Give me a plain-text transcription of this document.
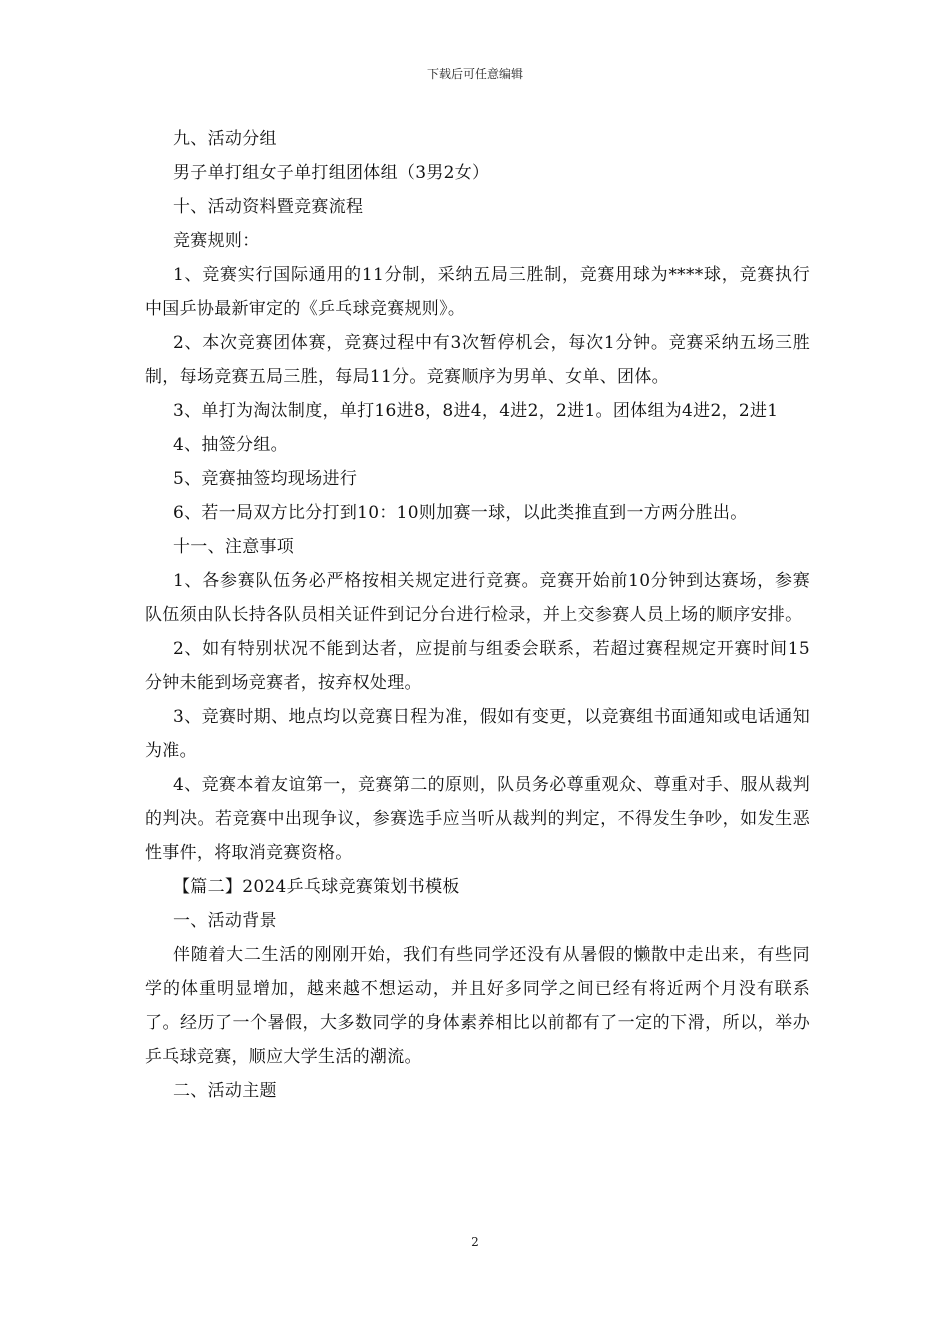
下载后可任意编辑

九、活动分组

男子单打组女子单打组团体组（3男2女）

十、活动资料暨竞赛流程

竞赛规则：

1、竞赛实行国际通用的11分制，采纳五局三胜制，竞赛用球为****球，竞赛执行中国乒协最新审定的《乒乓球竞赛规则》。

2、本次竞赛团体赛，竞赛过程中有3次暂停机会，每次1分钟。竞赛采纳五场三胜制，每场竞赛五局三胜，每局11分。竞赛顺序为男单、女单、团体。

3、单打为淘汰制度，单打16进8，8进4，4进2，2进1。团体组为4进2，2进1

4、抽签分组。

5、竞赛抽签均现场进行

6、若一局双方比分打到10：10则加赛一球，以此类推直到一方两分胜出。

十一、注意事项

1、各参赛队伍务必严格按相关规定进行竞赛。竞赛开始前10分钟到达赛场，参赛队伍须由队长持各队员相关证件到记分台进行检录，并上交参赛人员上场的顺序安排。

2、如有特别状况不能到达者，应提前与组委会联系，若超过赛程规定开赛时间15分钟未能到场竞赛者，按弃权处理。

3、竞赛时期、地点均以竞赛日程为准，假如有变更，以竞赛组书面通知或电话通知为准。

4、竞赛本着友谊第一，竞赛第二的原则，队员务必尊重观众、尊重对手、服从裁判的判决。若竞赛中出现争议，参赛选手应当听从裁判的判定，不得发生争吵，如发生恶性事件，将取消竞赛资格。

【篇二】2024乒乓球竞赛策划书模板

一、活动背景

伴随着大二生活的刚刚开始，我们有些同学还没有从暑假的懒散中走出来，有些同学的体重明显增加，越来越不想运动，并且好多同学之间已经有将近两个月没有联系了。经历了一个暑假，大多数同学的身体素养相比以前都有了一定的下滑，所以，举办乒乓球竞赛，顺应大学生活的潮流。

二、活动主题

2
